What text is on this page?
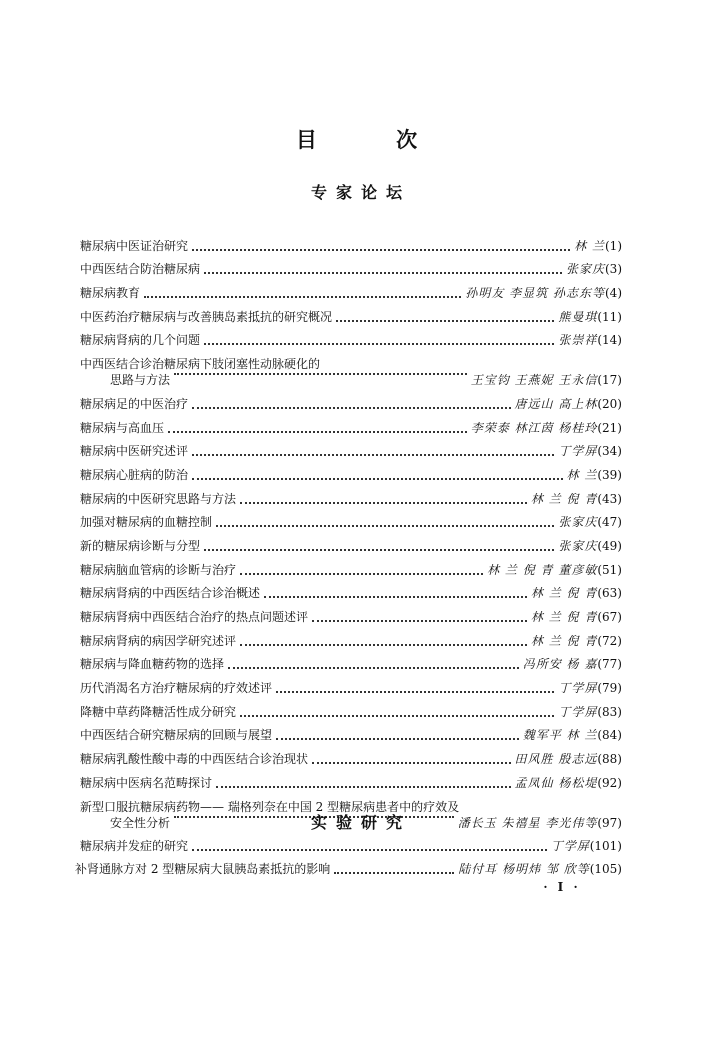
目 次
专家论坛
糖尿病中医证治研究	林 兰 (1)
中西医结合防治糖尿病	张家庆 (3)
糖尿病教育	孙明友 李显筑 孙志东等 (4)
中医药治疗糖尿病与改善胰岛素抵抗的研究概况	熊曼琪 (11)
糖尿病肾病的几个问题	张崇祥 (14)
中西医结合诊治糖尿病下肢闭塞性动脉硬化的
思路与方法	王宝钧 王燕妮 王永信 (17)
糖尿病足的中医治疗	唐远山 高上林 (20)
糖尿病与高血压	李荣泰 林江茵 杨桂玲 (21)
糖尿病中医研究述评	丁学屏 (34)
糖尿病心脏病的防治	林 兰 (39)
糖尿病的中医研究思路与方法	林 兰 倪 青 (43)
加强对糖尿病的血糖控制	张家庆 (47)
新的糖尿病诊断与分型	张家庆 (49)
糖尿病脑血管病的诊断与治疗	林 兰 倪 青 董彦敏 (51)
糖尿病肾病的中西医结合诊治概述	林 兰 倪 青 (63)
糖尿病肾病中西医结合治疗的热点问题述评	林 兰 倪 青 (67)
糖尿病肾病的病因学研究述评	林 兰 倪 青 (72)
糖尿病与降血糖药物的选择	冯所安 杨 嘉 (77)
历代消渴名方治疗糖尿病的疗效述评	丁学屏 (79)
降糖中草药降糖活性成分研究	丁学屏 (83)
中西医结合研究糖尿病的回顾与展望	魏军平 林 兰 (84)
糖尿病乳酸性酸中毒的中西医结合诊治现状	田风胜 殷志远 (88)
糖尿病中医病名范畴探讨	孟凤仙 杨松堤 (92)
新型口服抗糖尿病药物—— 瑞格列奈在中国 2 型糖尿病患者中的疗效及
安全性分析	潘长玉 朱禧星 李光伟等 (97)
糖尿病并发症的研究	丁学屏 (101)
实验研究
补肾通脉方对 2 型糖尿病大鼠胰岛素抵抗的影响	陆付耳 杨明炜 邹 欣等 (105)
· I ·
